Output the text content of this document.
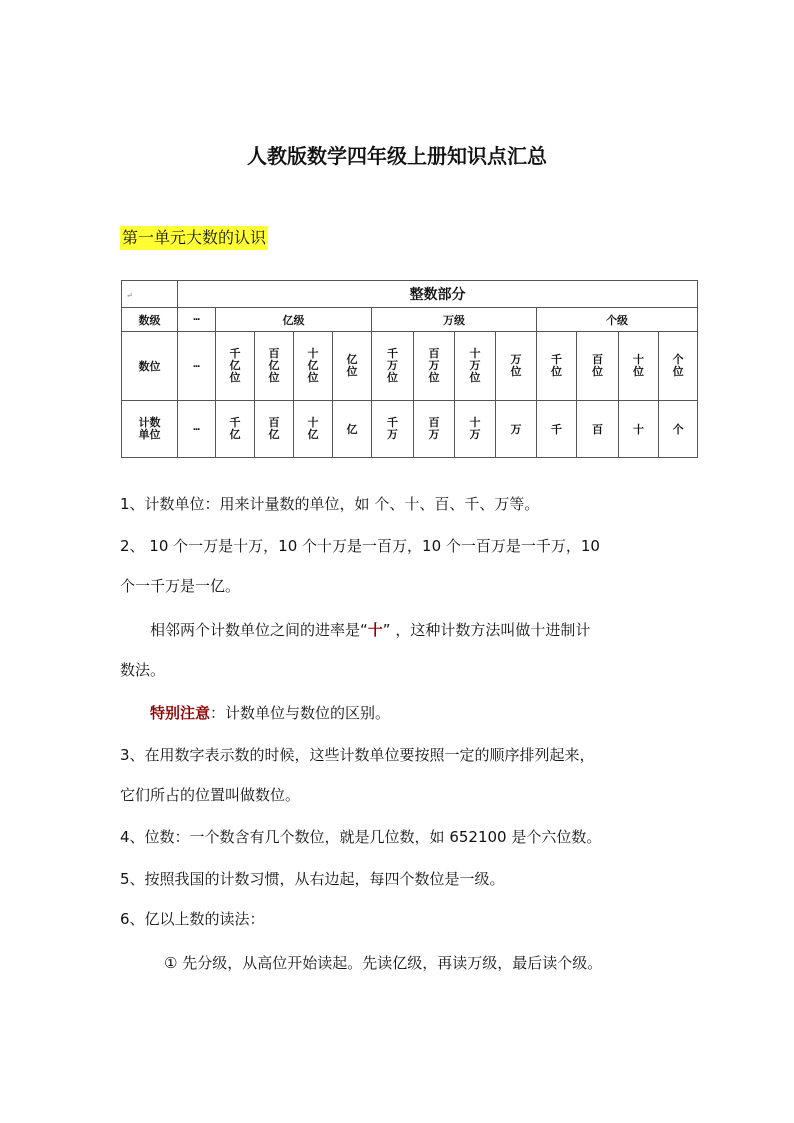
人教版数学四年级上册知识点汇总
第一单元大数的认识
↵	整数部分												
数级	┅	亿级				万级				个级			
数位	┅	千亿位	百亿位	十亿位	亿位	千万位	百万位	十万位	万位	千位	百位	十位	个位
计数单位	┅	千亿	百亿	十亿	亿	千万	百万	十万	万	千	百	十	个

1、计数单位：用来计量数的单位，如 个、十、百、千、万等。

2、 10 个一万是十万，10 个十万是一百万，10 个一百万是一千万，10

个一千万是一亿。

相邻两个计数单位之间的进率是“十” ，这种计数方法叫做十进制计

数法。

特别注意：计数单位与数位的区别。

3、在用数字表示数的时候，这些计数单位要按照一定的顺序排列起来，

它们所占的位置叫做数位。

4、位数：一个数含有几个数位，就是几位数，如 652100 是个六位数。

5、按照我国的计数习惯，从右边起，每四个数位是一级。

6、亿以上数的读法：

① 先分级，从高位开始读起。先读亿级，再读万级，最后读个级。
